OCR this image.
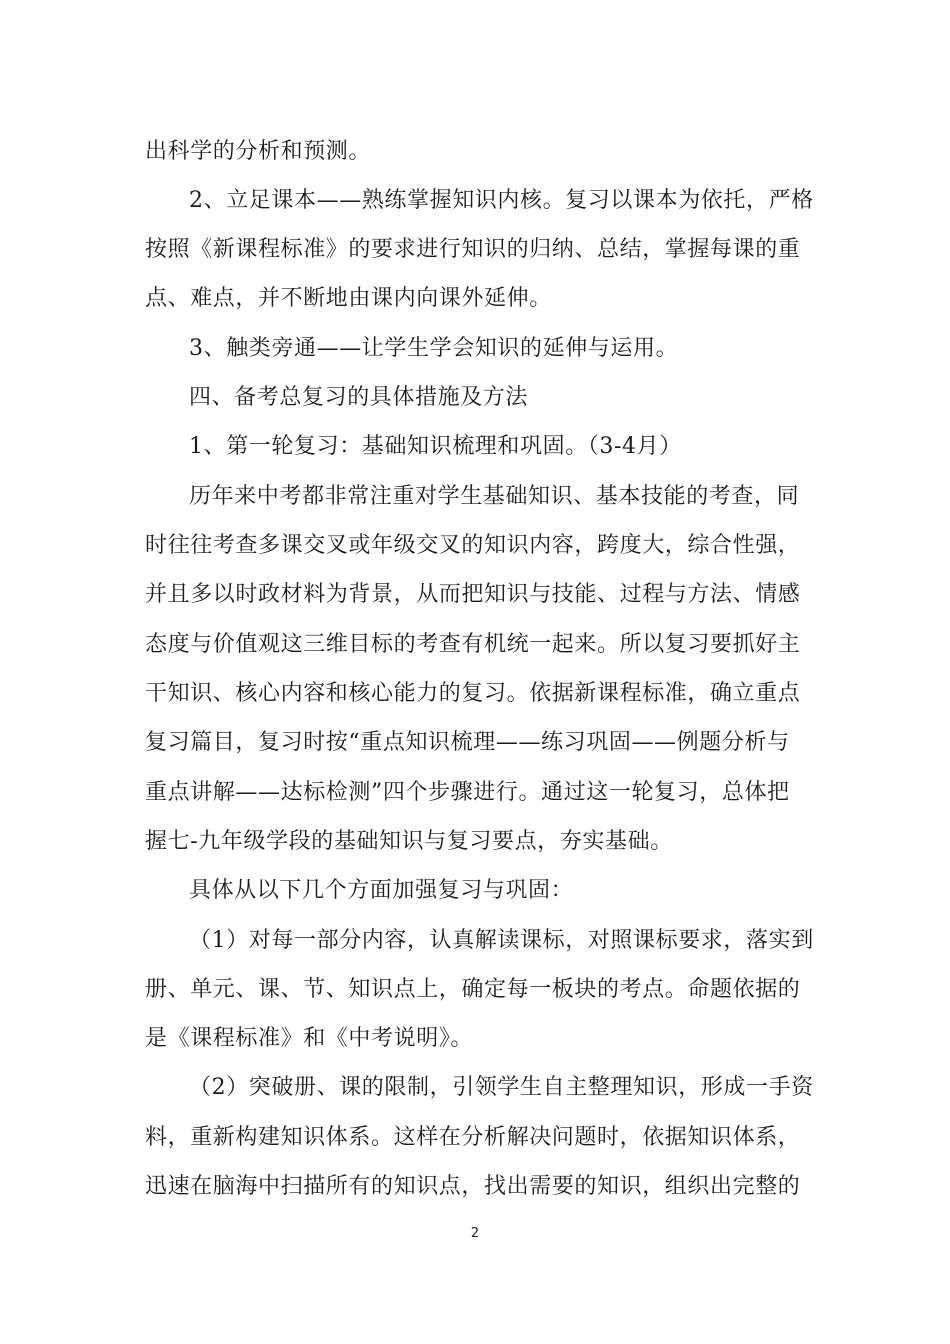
出科学的分析和预测。

2、立足课本——熟练掌握知识内核。复习以课本为依托，严格

按照《新课程标准》的要求进行知识的归纳、总结，掌握每课的重

点、难点，并不断地由课内向课外延伸。

3、触类旁通——让学生学会知识的延伸与运用。

四、备考总复习的具体措施及方法

1、第一轮复习：基础知识梳理和巩固。（3-4月）

历年来中考都非常注重对学生基础知识、基本技能的考查，同

时往往考查多课交叉或年级交叉的知识内容，跨度大，综合性强，

并且多以时政材料为背景，从而把知识与技能、过程与方法、情感

态度与价值观这三维目标的考查有机统一起来。所以复习要抓好主

干知识、核心内容和核心能力的复习。依据新课程标准，确立重点

复习篇目，复习时按“重点知识梳理——练习巩固——例题分析与

重点讲解——达标检测”四个步骤进行。通过这一轮复习，总体把

握七-九年级学段的基础知识与复习要点，夯实基础。

具体从以下几个方面加强复习与巩固：

（1）对每一部分内容，认真解读课标，对照课标要求，落实到

册、单元、课、节、知识点上，确定每一板块的考点。命题依据的

是《课程标准》和《中考说明》。

（2）突破册、课的限制，引领学生自主整理知识，形成一手资

料，重新构建知识体系。这样在分析解决问题时，依据知识体系，

迅速在脑海中扫描所有的知识点，找出需要的知识，组织出完整的

2
